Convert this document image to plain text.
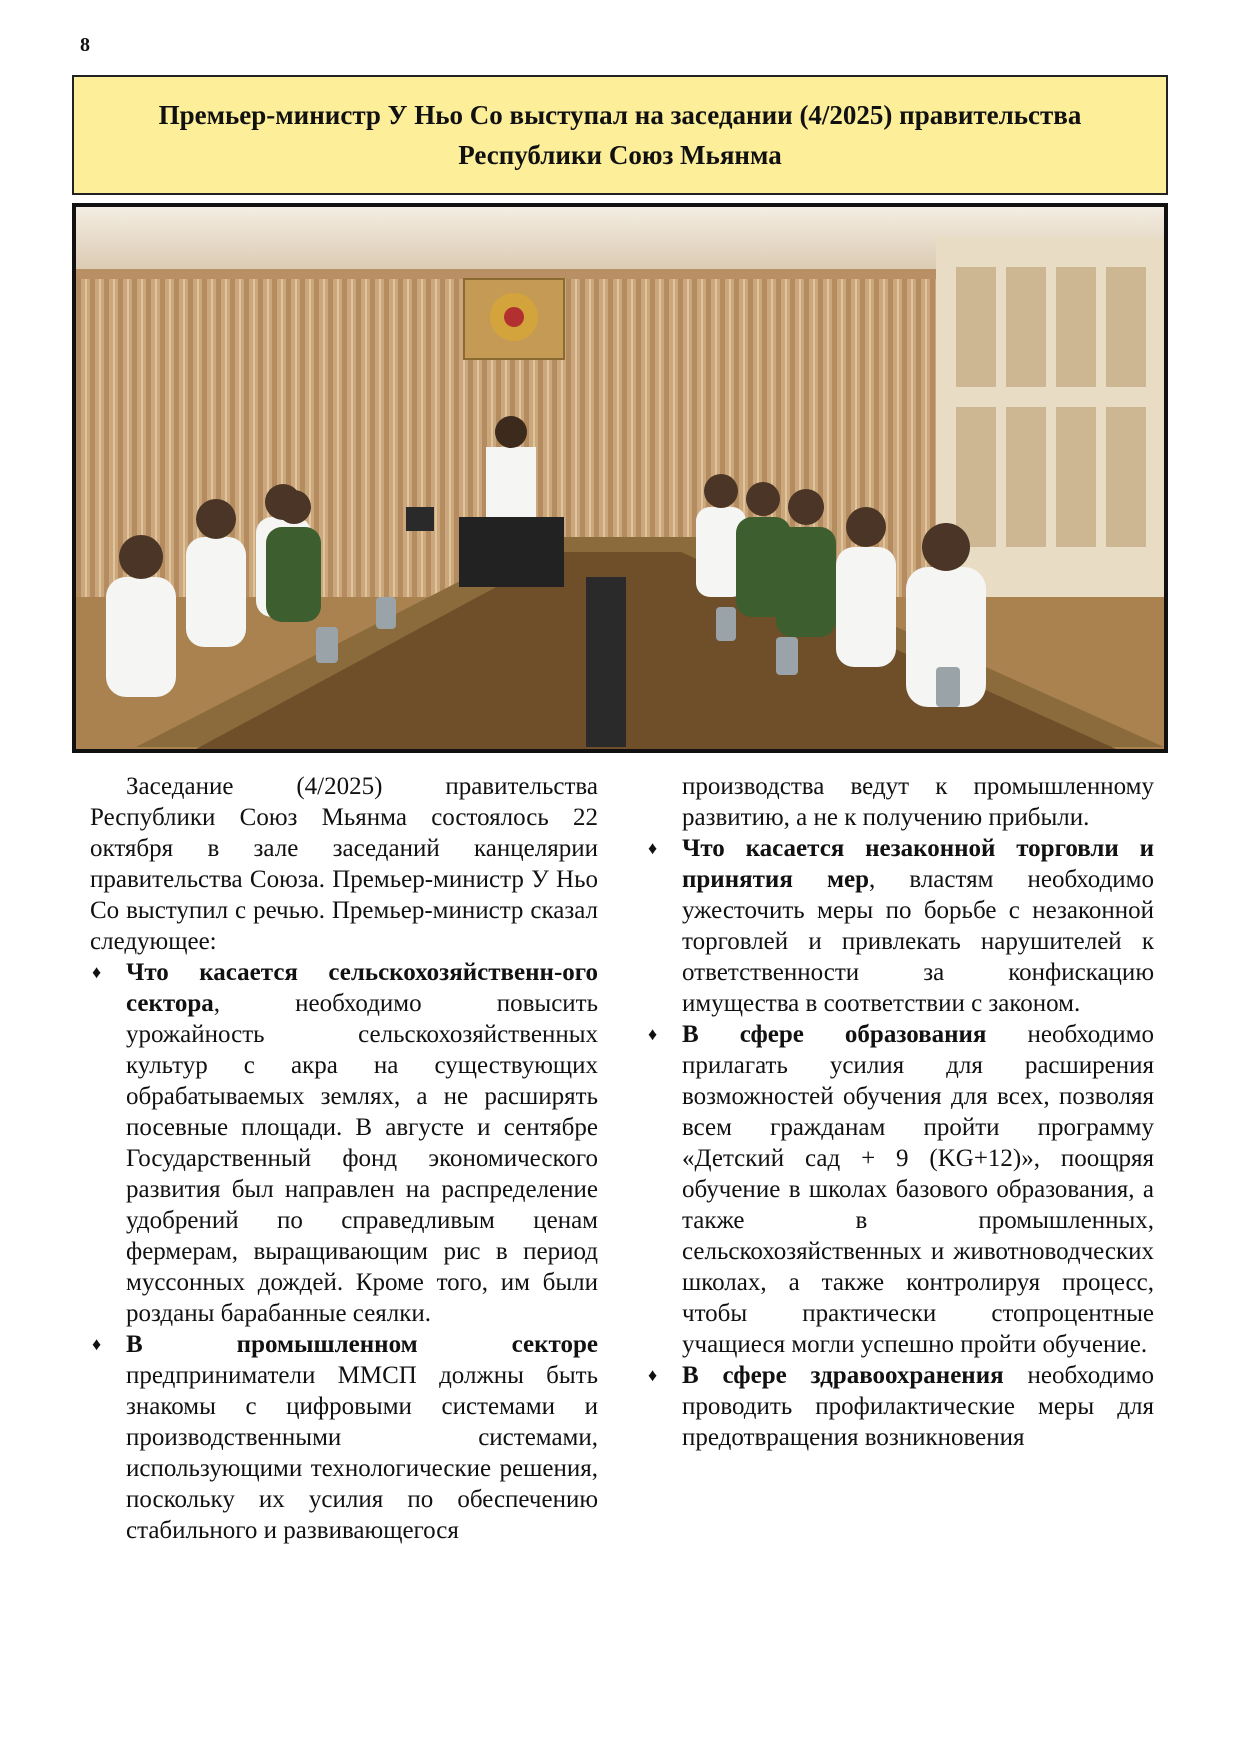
8
Премьер-министр У Ньо Со выступал на заседании (4/2025) правительства Республики Союз Мьянма

Заседание (4/2025) правительства Республики Союз Мьянма состоялось 22 октября в зале заседаний канцелярии правительства Союза. Премьер-министр У Ньо Со выступил с речью. Премьер-министр сказал следующее:

♦ Что касается сельскохозяйственн-ого сектора, необходимо повысить урожайность сельскохозяйственных культур с акра на существующих обрабатываемых землях, а не расширять посевные площади. В августе и сентябре Государственный фонд экономического развития был направлен на распределение удобрений по справедливым ценам фермерам, выращивающим рис в период муссонных дождей. Кроме того, им были розданы барабанные сеялки.

♦ В промышленном секторе предприниматели ММСП должны быть знакомы с цифровыми системами и производственными системами, использующими технологические решения, поскольку их усилия по обеспечению стабильного и развивающегося

производства ведут к промышленному развитию, а не к получению прибыли.

♦ Что касается незаконной торговли и принятия мер, властям необходимо ужесточить меры по борьбе с незаконной торговлей и привлекать нарушителей к ответственности за конфискацию имущества в соответствии с законом.

♦ В сфере образования необходимо прилагать усилия для расширения возможностей обучения для всех, позволяя всем гражданам пройти программу «Детский сад + 9 (KG+12)», поощряя обучение в школах базового образования, а также в промышленных, сельскохозяйственных и животноводческих школах, а также контролируя процесс, чтобы практически стопроцентные учащиеся могли успешно пройти обучение.

♦ В сфере здравоохранения необходимо проводить профилактические меры для предотвращения возникновения
